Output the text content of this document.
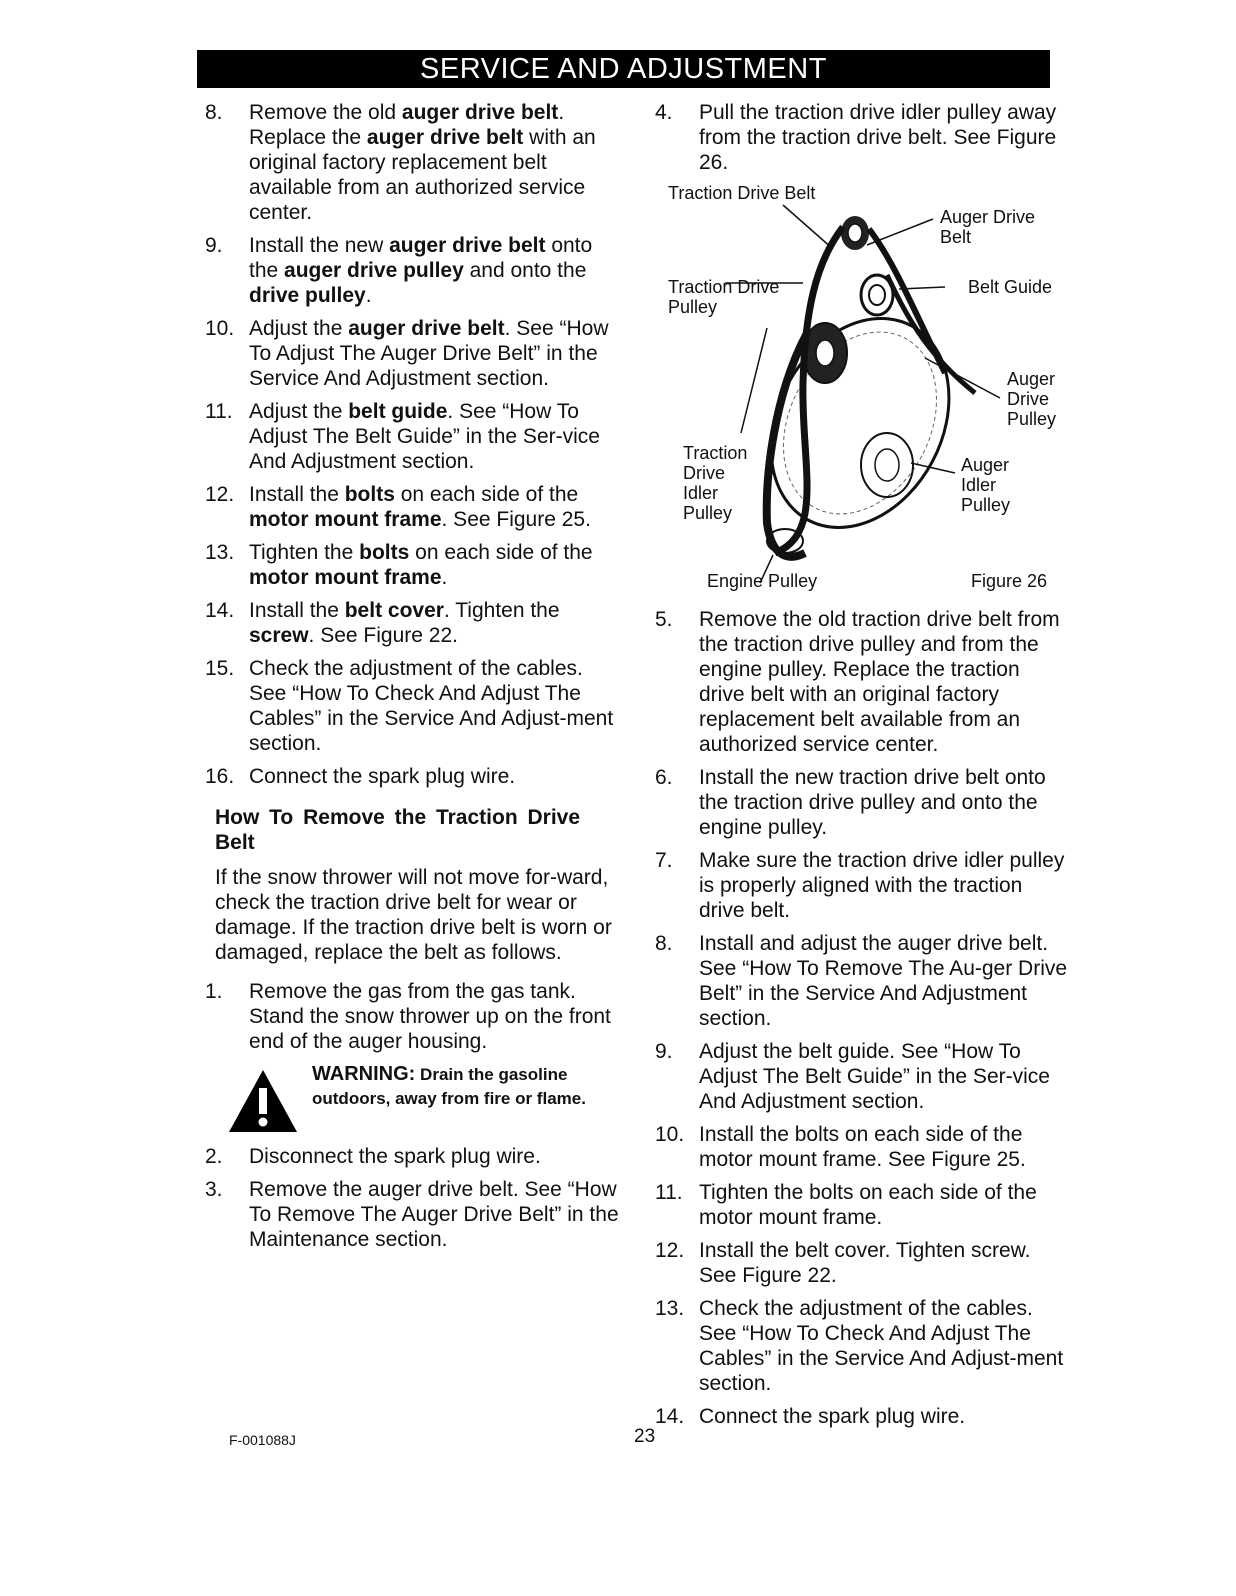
SERVICE AND ADJUSTMENT
8. Remove the old auger drive belt. Replace the auger drive belt with an original factory replacement belt available from an authorized service center.
9. Install the new auger drive belt onto the auger drive pulley and onto the drive pulley.
10. Adjust the auger drive belt. See “How To Adjust The Auger Drive Belt” in the Service And Adjustment section.
11. Adjust the belt guide. See “How To Adjust The Belt Guide” in the Ser-vice And Adjustment section.
12. Install the bolts on each side of the motor mount frame. See Figure 25.
13. Tighten the bolts on each side of the motor mount frame.
14. Install the belt cover. Tighten the screw. See Figure 22.
15. Check the adjustment of the cables. See “How To Check And Adjust The Cables” in the Service And Adjust-ment section.
16. Connect the spark plug wire.
How To Remove the Traction Drive Belt
If the snow thrower will not move for-ward, check the traction drive belt for wear or damage. If the traction drive belt is worn or damaged, replace the belt as follows.
1. Remove the gas from the gas tank. Stand the snow thrower up on the front end of the auger housing.
WARNING: Drain the gasoline outdoors, away from fire or flame.
2. Disconnect the spark plug wire.
3. Remove the auger drive belt. See “How To Remove The Auger Drive Belt” in the Maintenance section.
4. Pull the traction drive idler pulley away from the traction drive belt. See Figure 26.
Traction Drive Belt
Auger Drive Belt
Traction Drive Pulley
Belt Guide
Auger Drive Pulley
Traction Drive Idler Pulley
Auger Idler Pulley
Engine Pulley	Figure 26
5. Remove the old traction drive belt from the traction drive pulley and from the engine pulley. Replace the traction drive belt with an original factory replacement belt available from an authorized service center.
6. Install the new traction drive belt onto the traction drive pulley and onto the engine pulley.
7. Make sure the traction drive idler pulley is properly aligned with the traction drive belt.
8. Install and adjust the auger drive belt. See “How To Remove The Au-ger Drive Belt” in the Service And Adjustment section.
9. Adjust the belt guide. See “How To Adjust The Belt Guide” in the Ser-vice And Adjustment section.
10. Install the bolts on each side of the motor mount frame. See Figure 25.
11. Tighten the bolts on each side of the motor mount frame.
12. Install the belt cover. Tighten screw. See Figure 22.
13. Check the adjustment of the cables. See “How To Check And Adjust The Cables” in the Service And Adjust-ment section.
14. Connect the spark plug wire.
F-001088J	23
